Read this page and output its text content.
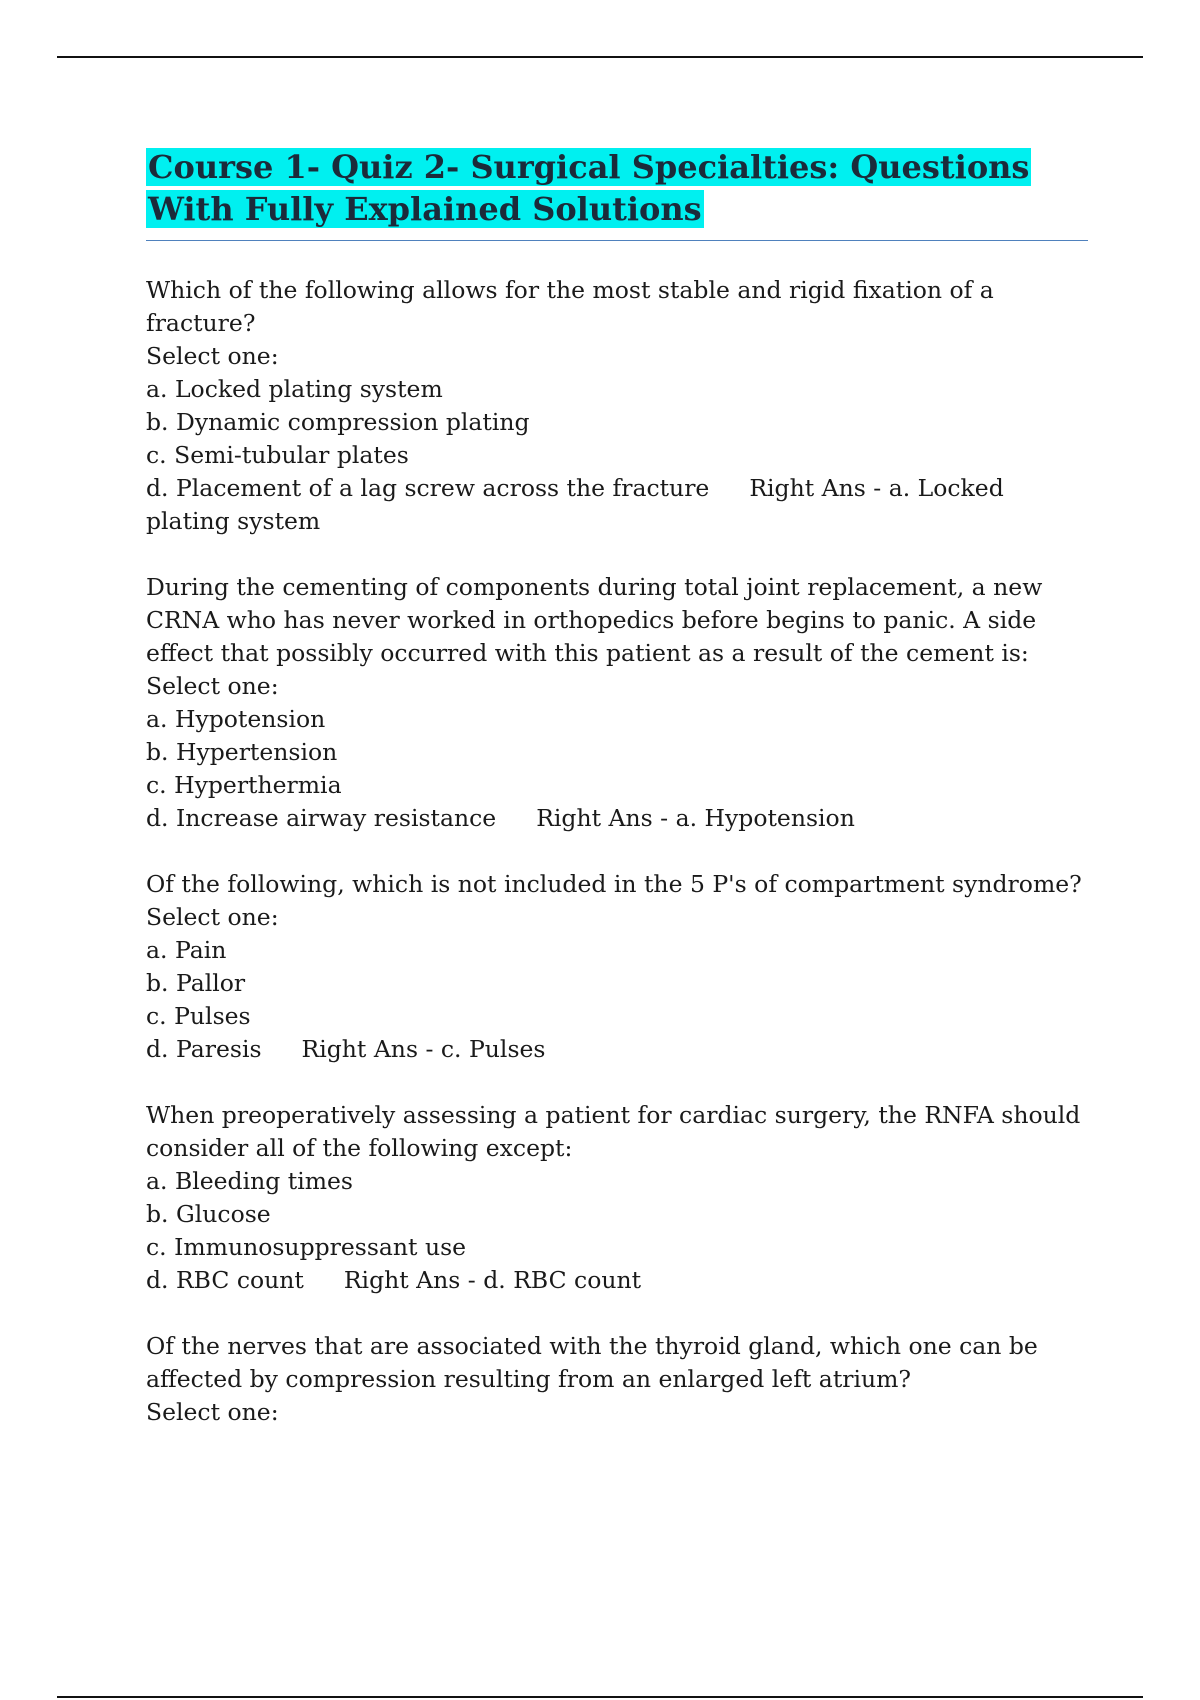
Course 1- Quiz 2- Surgical Specialties: Questions With Fully Explained Solutions
Which of the following allows for the most stable and rigid fixation of a fracture?
Select one:
a. Locked plating system
b. Dynamic compression plating
c. Semi-tubular plates
d. Placement of a lag screw across the fracture Right Ans - a. Locked plating system
During the cementing of components during total joint replacement, a new CRNA who has never worked in orthopedics before begins to panic. A side effect that possibly occurred with this patient as a result of the cement is:
Select one:
a. Hypotension
b. Hypertension
c. Hyperthermia
d. Increase airway resistance Right Ans - a. Hypotension
Of the following, which is not included in the 5 P's of compartment syndrome?
Select one:
a. Pain
b. Pallor
c. Pulses
d. Paresis Right Ans - c. Pulses
When preoperatively assessing a patient for cardiac surgery, the RNFA should consider all of the following except:
a. Bleeding times
b. Glucose
c. Immunosuppressant use
d. RBC count Right Ans - d. RBC count
Of the nerves that are associated with the thyroid gland, which one can be affected by compression resulting from an enlarged left atrium?
Select one:
